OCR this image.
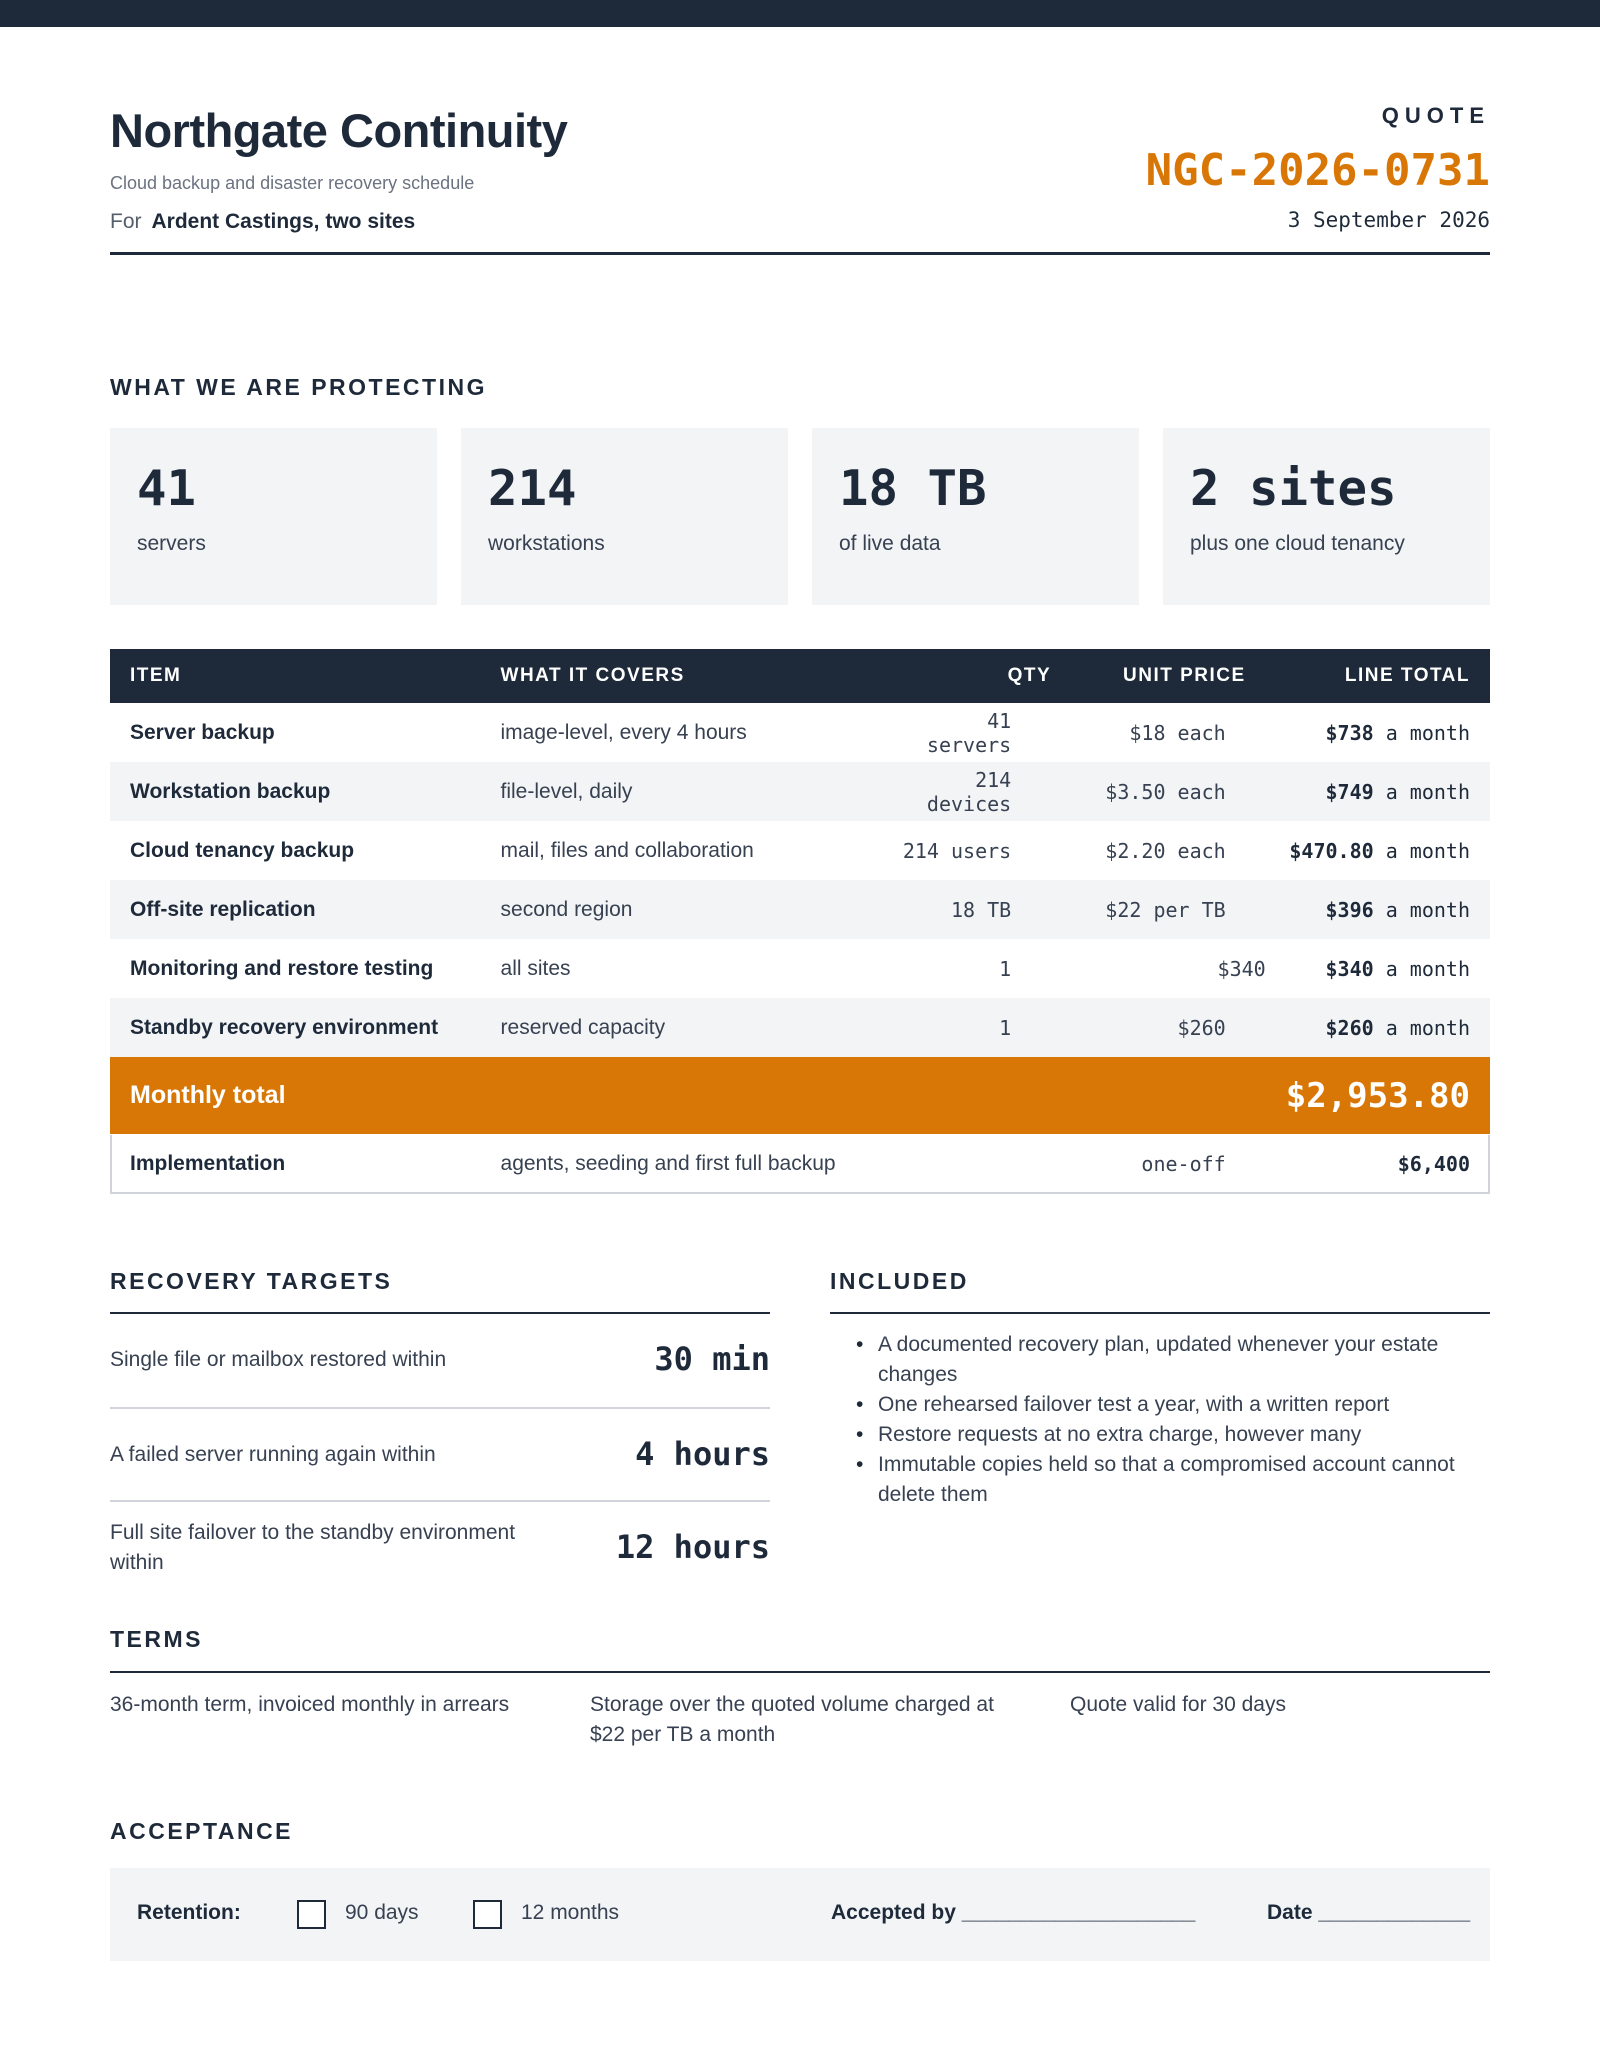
Northgate Continuity
Cloud backup and disaster recovery schedule
For Ardent Castings, two sites
QUOTE
NGC-2026-0731
3 September 2026
WHAT WE ARE PROTECTING
41
servers
214
workstations
18 TB
of live data
2 sites
plus one cloud tenancy
ITEM	WHAT IT COVERS	QTY	UNIT PRICE	LINE TOTAL
Server backup	image-level, every 4 hours	41 servers	$18 each	$738 a month
Workstation backup	file-level, daily	214 devices	$3.50 each	$749 a month
Cloud tenancy backup	mail, files and collaboration	214 users	$2.20 each	$470.80 a month
Off-site replication	second region	18 TB	$22 per TB	$396 a month
Monitoring and restore testing	all sites	1	$340	$340 a month
Standby recovery environment	reserved capacity	1	$260	$260 a month
Monthly total				$2,953.80
Implementation	agents, seeding and first full backup		one-off	$6,400
RECOVERY TARGETS
Single file or mailbox restored within	30 min
A failed server running again within	4 hours
Full site failover to the standby environment within	12 hours
INCLUDED
• A documented recovery plan, updated whenever your estate changes
• One rehearsed failover test a year, with a written report
• Restore requests at no extra charge, however many
• Immutable copies held so that a compromised account cannot delete them
TERMS
36-month term, invoiced monthly in arrears	Storage over the quoted volume charged at $22 per TB a month
Quote valid for 30 days
ACCEPTANCE
Retention:	90 days	12 months	Accepted by ____________________	Date _____________
